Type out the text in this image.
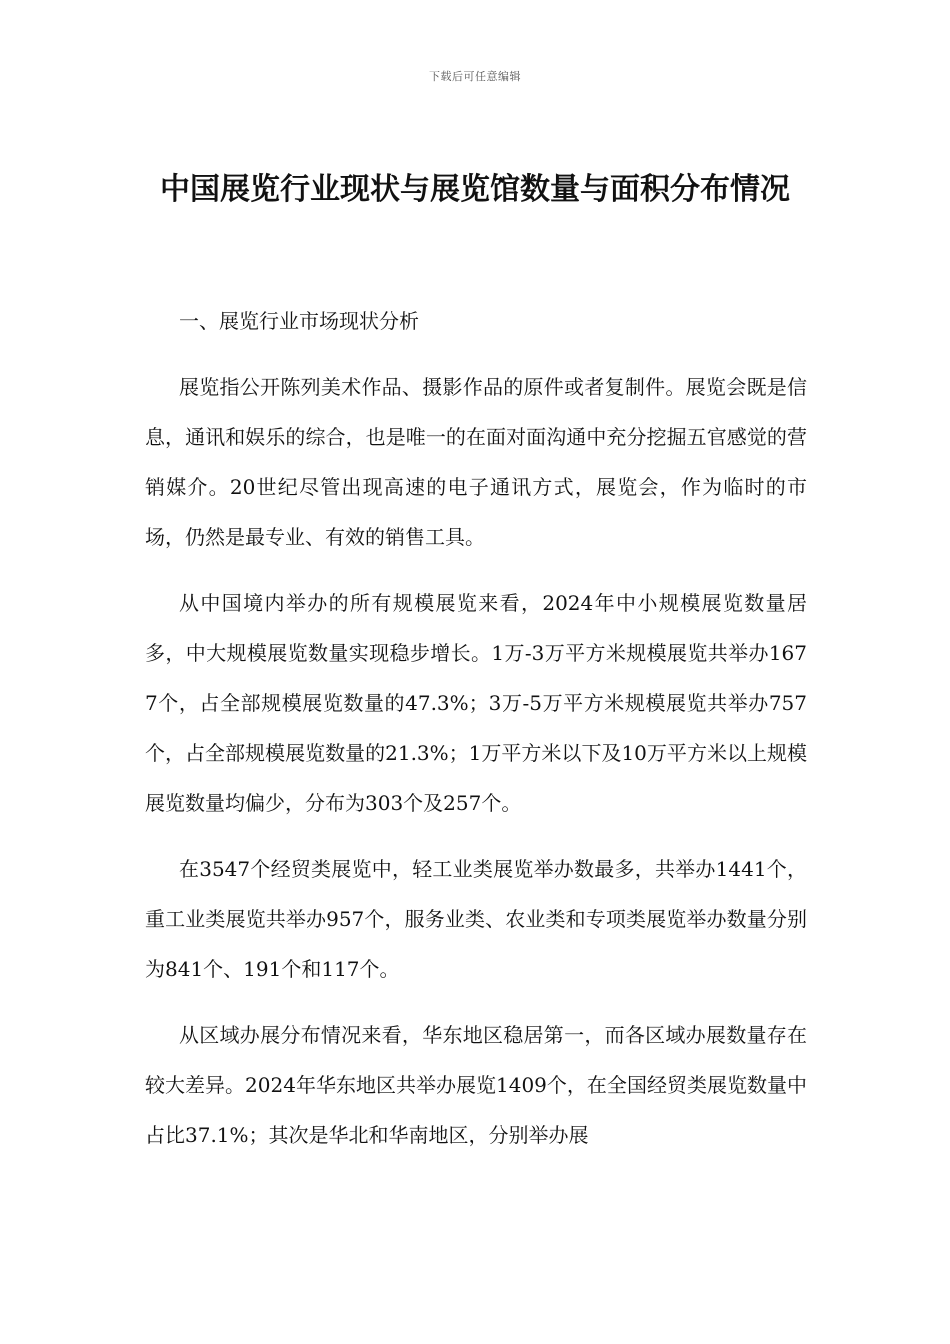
下载后可任意编辑
中国展览行业现状与展览馆数量与面积分布情况

一、展览行业市场现状分析

展览指公开陈列美术作品、摄影作品的原件或者复制件。展览会既是信息，通讯和娱乐的综合，也是唯一的在面对面沟通中充分挖掘五官感觉的营销媒介。20世纪尽管出现高速的电子通讯方式，展览会，作为临时的市场，仍然是最专业、有效的销售工具。

从中国境内举办的所有规模展览来看，2024年中小规模展览数量居多，中大规模展览数量实现稳步增长。1万-3万平方米规模展览共举办1677个，占全部规模展览数量的47.3%；3万-5万平方米规模展览共举办757个，占全部规模展览数量的21.3%；1万平方米以下及10万平方米以上规模展览数量均偏少，分布为303个及257个。

在3547个经贸类展览中，轻工业类展览举办数最多，共举办1441个，重工业类展览共举办957个，服务业类、农业类和专项类展览举办数量分别为841个、191个和117个。

从区域办展分布情况来看，华东地区稳居第一，而各区域办展数量存在较大差异。2024年华东地区共举办展览1409个，在全国经贸类展览数量中占比37.1%；其次是华北和华南地区，分别举办展
